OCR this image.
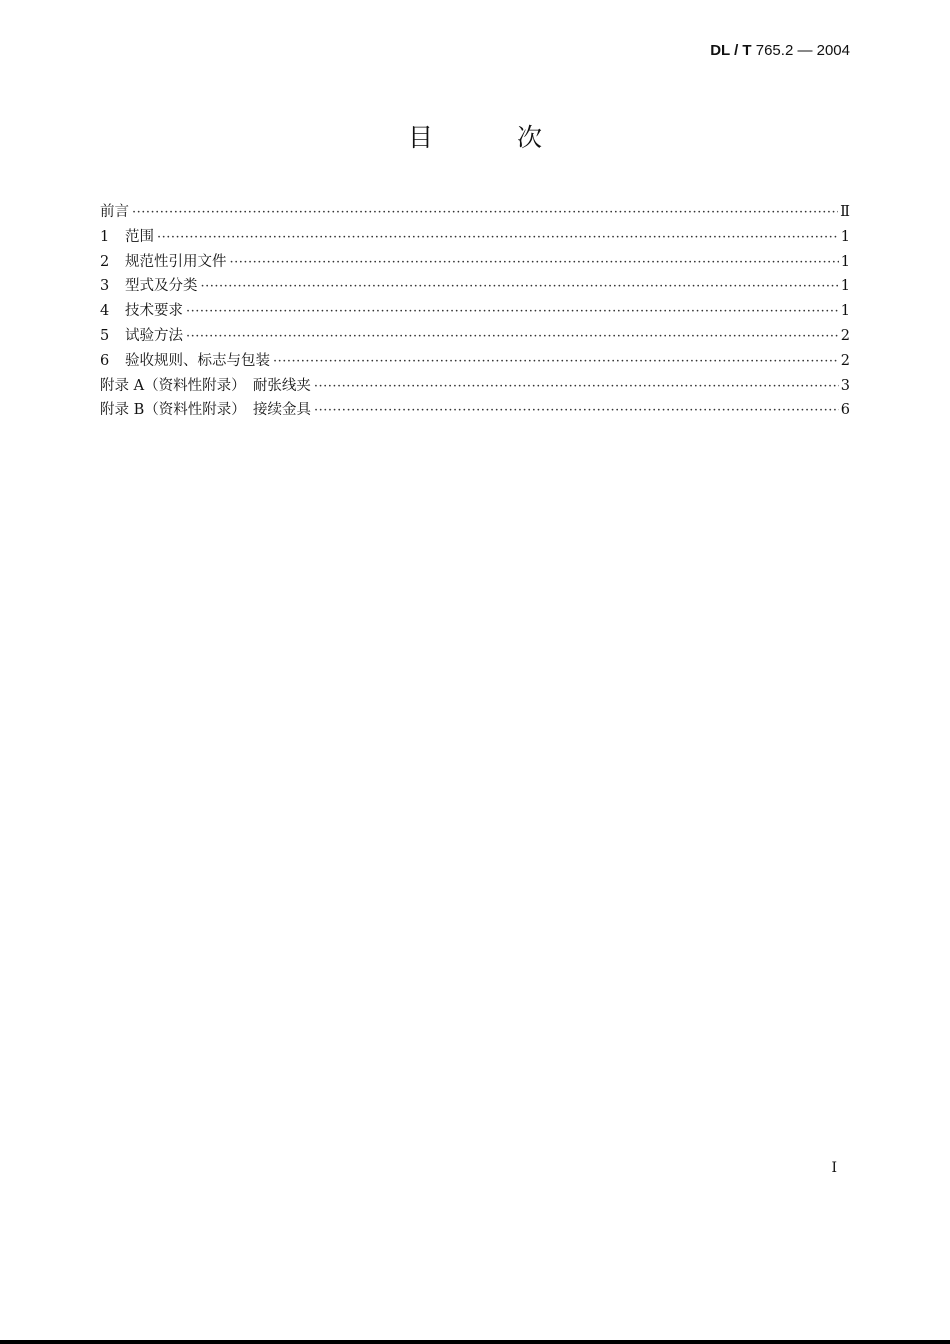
DL / T 765.2 — 2004
目 次
前言 ·····	Ⅱ
1	范围 ·····	1
2	规范性引用文件 ·····	1
3	型式及分类 ·····	1
4	技术要求 ·····	1
5	试验方法 ·····	2
6	验收规则、标志与包装 ·····	2
附录 A（资料性附录）　耐张线夹 ·····	3
附录 B（资料性附录）　接续金具 ·····	6
I
